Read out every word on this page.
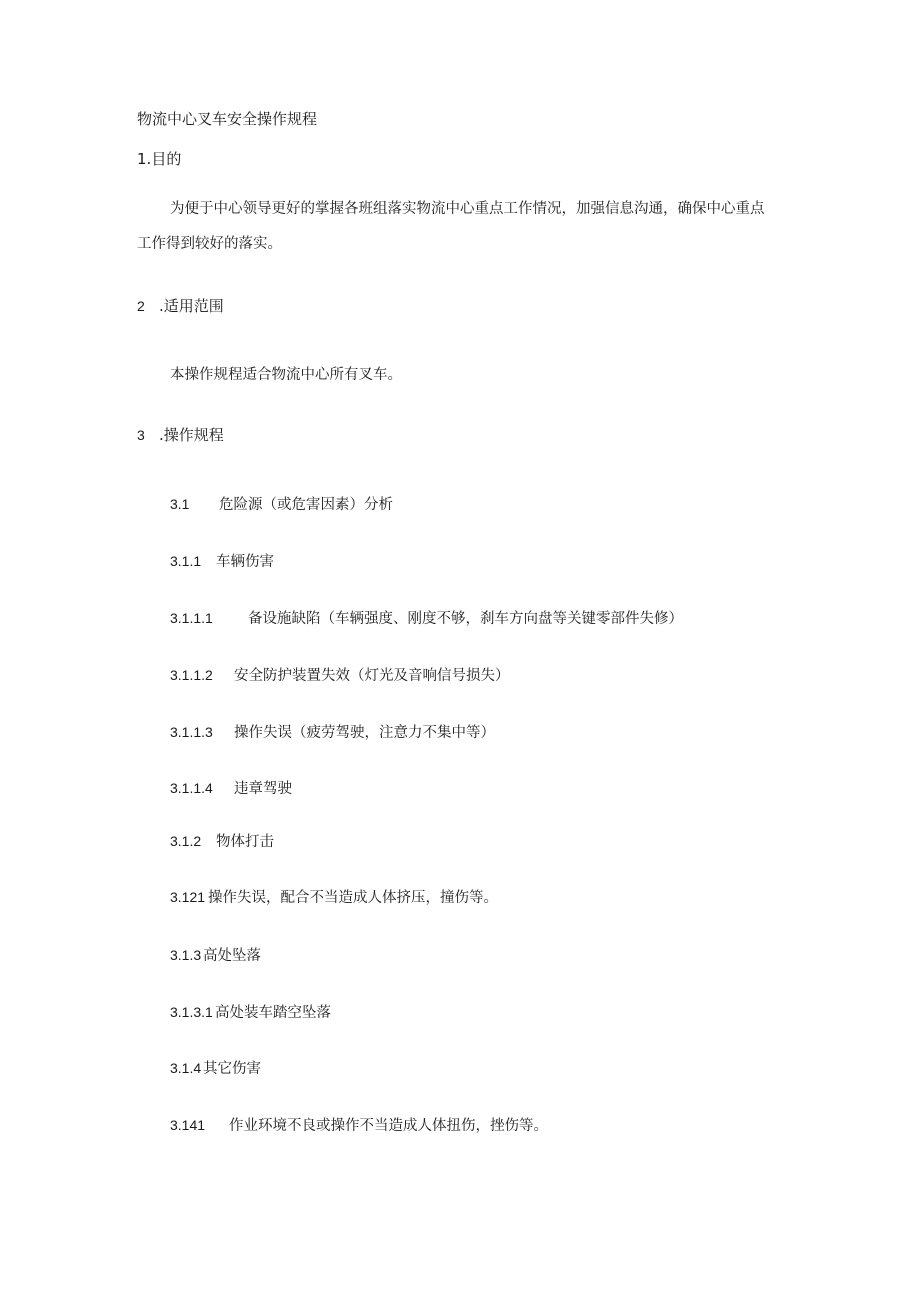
物流中心叉车安全操作规程
1.目的
为便于中心领导更好的掌握各班组落实物流中心重点工作情况，加强信息沟通，确保中心重点
工作得到较好的落实。
2 .适用范围
本操作规程适合物流中心所有叉车。
3 .操作规程
3.1 危险源（或危害因素）分析
3.1.1 车辆伤害
3.1.1.1 备设施缺陷（车辆强度、刚度不够，刹车方向盘等关键零部件失修）
3.1.1.2 安全防护装置失效（灯光及音响信号损失）
3.1.1.3 操作失误（疲劳驾驶，注意力不集中等）
3.1.1.4 违章驾驶
3.1.2 物体打击
3.121 操作失误，配合不当造成人体挤压，撞伤等。
3.1.3 高处坠落
3.1.3.1 高处装车踏空坠落
3.1.4 其它伤害
3.141 作业环境不良或操作不当造成人体扭伤，挫伤等。
